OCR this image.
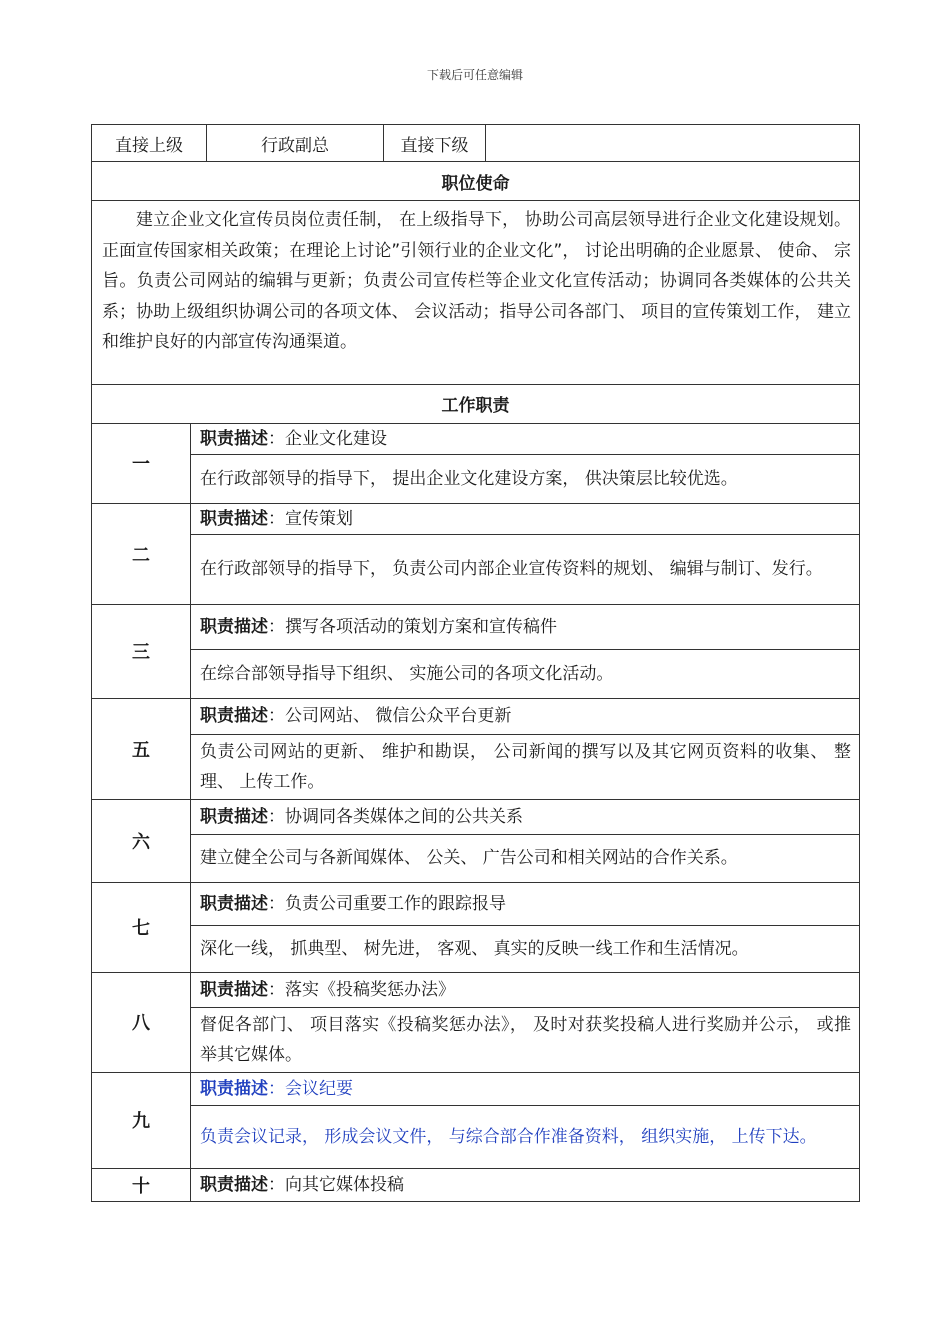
下载后可任意编辑
直接上级		行政副总	直接下级	
职位使命				

建立企业文化宣传员岗位责任制， 在上级指导下， 协助公司高层领导进行企业文化建设规划。正面宣传国家相关政策；在理论上讨论”引领行业的企业文化”， 讨论出明确的企业愿景、 使命、 宗旨。负责公司网站的编辑与更新；负责公司宣传栏等企业文化宣传活动；协调同各类媒体的公共关系；协助上级组织协调公司的各项文体、 会议活动；指导公司各部门、 项目的宣传策划工作， 建立和维护良好的内部宣传沟通渠道。				

工作职责				
一	职责描述：企业文化建设			
	在行政部领导的指导下， 提出企业文化建设方案， 供决策层比较优选。			
二	职责描述：宣传策划			
	在行政部领导的指导下， 负责公司内部企业宣传资料的规划、 编辑与制订、发行。			
三	职责描述：撰写各项活动的策划方案和宣传稿件			
	在综合部领导指导下组织、 实施公司的各项文化活动。			
五	职责描述：公司网站、 微信公众平台更新			
	负责公司网站的更新、 维护和勘误， 公司新闻的撰写以及其它网页资料的收集、 整理、 上传工作。			
六	职责描述：协调同各类媒体之间的公共关系			
	建立健全公司与各新闻媒体、 公关、 广告公司和相关网站的合作关系。			
七	职责描述：负责公司重要工作的跟踪报导			
	深化一线， 抓典型、 树先进， 客观、 真实的反映一线工作和生活情况。			
八	职责描述：落实《投稿奖惩办法》			
	督促各部门、 项目落实《投稿奖惩办法》， 及时对获奖投稿人进行奖励并公示， 或推举其它媒体。			
九	职责描述：会议纪要			
	负责会议记录， 形成会议文件， 与综合部合作准备资料， 组织实施， 上传下达。			
十	职责描述：向其它媒体投稿			
